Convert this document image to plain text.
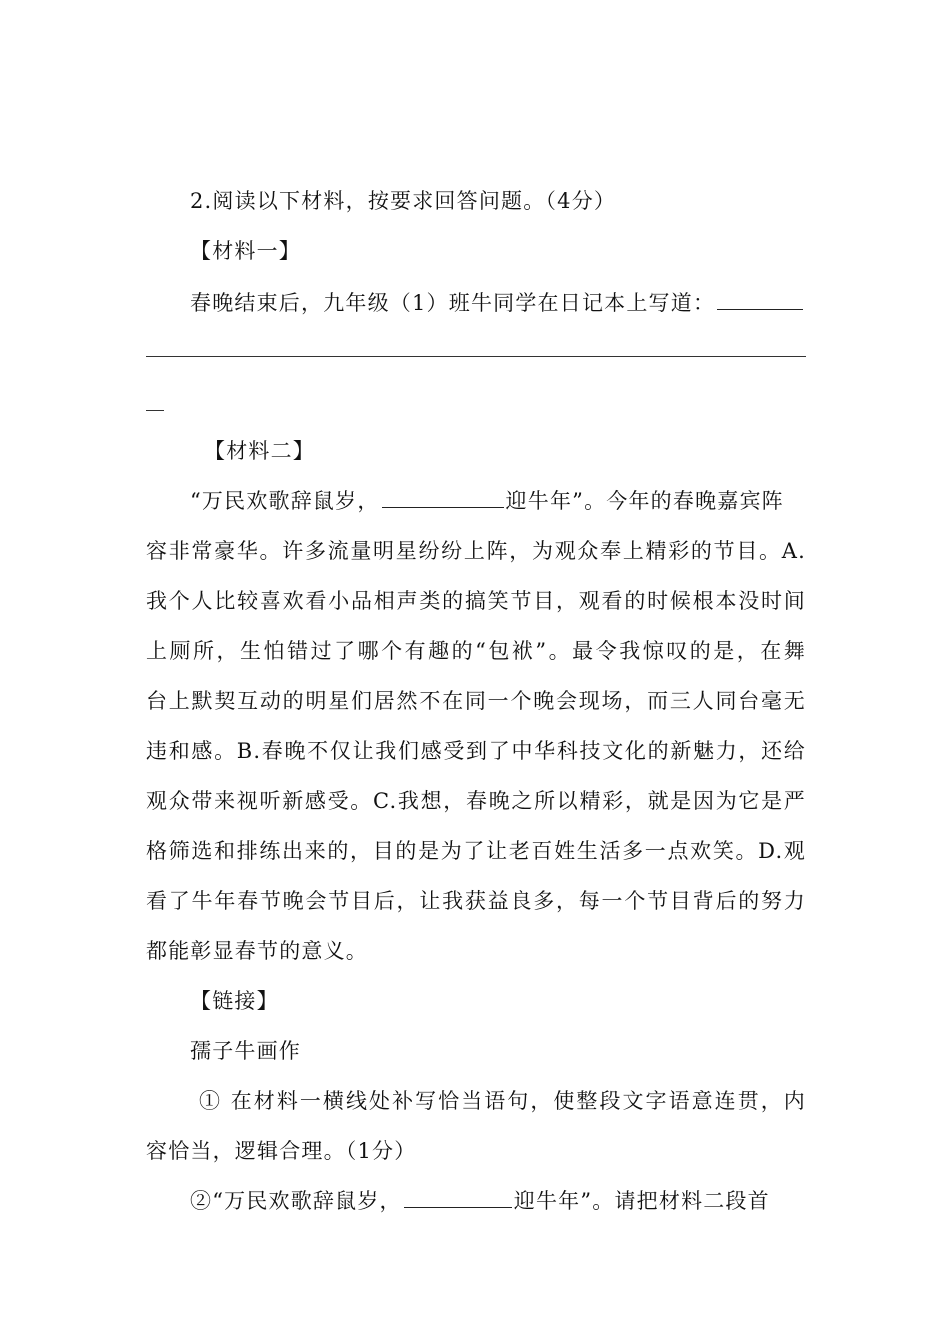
2.阅读以下材料，按要求回答问题。（4分）
【材料一】
春晚结束后，九年级（1）班牛同学在日记本上写道：
【材料二】
“万民欢歌辞鼠岁，	迎牛年”。今年的春晚嘉宾阵
容非常豪华。许多流量明星纷纷上阵，为观众奉上精彩的节目。A.
我个人比较喜欢看小品相声类的搞笑节目，观看的时候根本没时间
上厕所，生怕错过了哪个有趣的“包袱”。最令我惊叹的是，在舞
台上默契互动的明星们居然不在同一个晚会现场，而三人同台毫无
违和感。B.春晚不仅让我们感受到了中华科技文化的新魅力，还给
观众带来视听新感受。C.我想，春晚之所以精彩，就是因为它是严
格筛选和排练出来的，目的是为了让老百姓生活多一点欢笑。D.观
看了牛年春节晚会节目后，让我获益良多，每一个节目背后的努力
都能彰显春节的意义。
【链接】
孺子牛画作
① 在材料一横线处补写恰当语句，使整段文字语意连贯，内
容恰当，逻辑合理。（1分）
②“万民欢歌辞鼠岁，	迎牛年”。请把材料二段首
